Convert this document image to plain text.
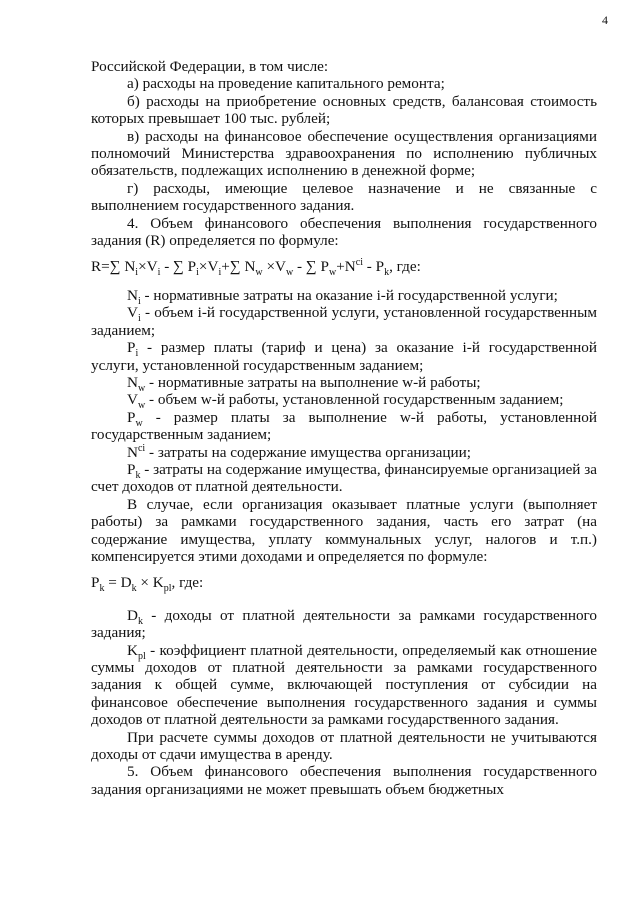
4

Российской Федерации, в том числе:

а) расходы на проведение капитального ремонта;

б) расходы на приобретение основных средств, балансовая стоимость которых превышает 100 тыс. рублей;

в) расходы на финансовое обеспечение осуществления организациями полномочий Министерства здравоохранения по исполнению публичных обязательств, подлежащих исполнению в денежной форме;

г) расходы, имеющие целевое назначение и не связанные с выполнением государственного задания.

4. Объем финансового обеспечения выполнения государственного задания (R) определяется по формуле:

R=∑ $N_i\times V_i$ - ∑ $P_i\times V_i+\sum$ $N_w \times V_w$ - ∑ $P_w+N^{ci} - P_k$, где:

$N_i$ - нормативные затраты на оказание i-й государственной услуги;

$V_i$ - объем i-й государственной услуги, установленной государственным заданием;

$P_i$ - размер платы (тариф и цена) за оказание i-й государственной услуги, установленной государственным заданием;

$N_w$ - нормативные затраты на выполнение w-й работы;

$V_w$ - объем w-й работы, установленной государственным заданием;

$P_w$ - размер платы за выполнение w-й работы, установленной государственным заданием;

$N^{ci}$ - затраты на содержание имущества организации;

$P_k$ - затраты на содержание имущества, финансируемые организацией за счет доходов от платной деятельности.

В случае, если организация оказывает платные услуги (выполняет работы) за рамками государственного задания, часть его затрат (на содержание имущества, уплату коммунальных услуг, налогов и т.п.) компенсируется этими доходами и определяется по формуле:

$P_k = D_k \times K_{pl}$, где:

$D_k$ - доходы от платной деятельности за рамками государственного задания;

$K_{pl}$ - коэффициент платной деятельности, определяемый как отношение суммы доходов от платной деятельности за рамками государственного задания к общей сумме, включающей поступления от субсидии на финансовое обеспечение выполнения государственного задания и суммы доходов от платной деятельности за рамками государственного задания.

При расчете суммы доходов от платной деятельности не учитываются доходы от сдачи имущества в аренду.

5. Объем финансового обеспечения выполнения государственного задания организациями не может превышать объем бюджетных
